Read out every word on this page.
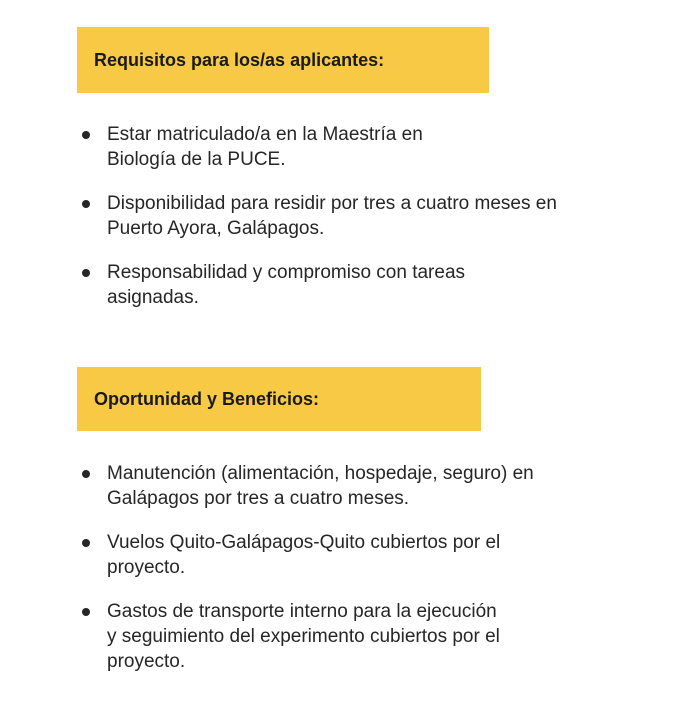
Requisitos para los/as aplicantes:
Estar matriculado/a en la Maestría en
Biología de la PUCE.
Disponibilidad para residir por tres a cuatro meses en
Puerto Ayora, Galápagos.
Responsabilidad y compromiso con tareas
asignadas.
Oportunidad y Beneficios:
Manutención (alimentación, hospedaje, seguro) en
Galápagos por tres a cuatro meses.
Vuelos Quito-Galápagos-Quito cubiertos por el
proyecto.
Gastos de transporte interno para la ejecución
y seguimiento del experimento cubiertos por el
proyecto.
